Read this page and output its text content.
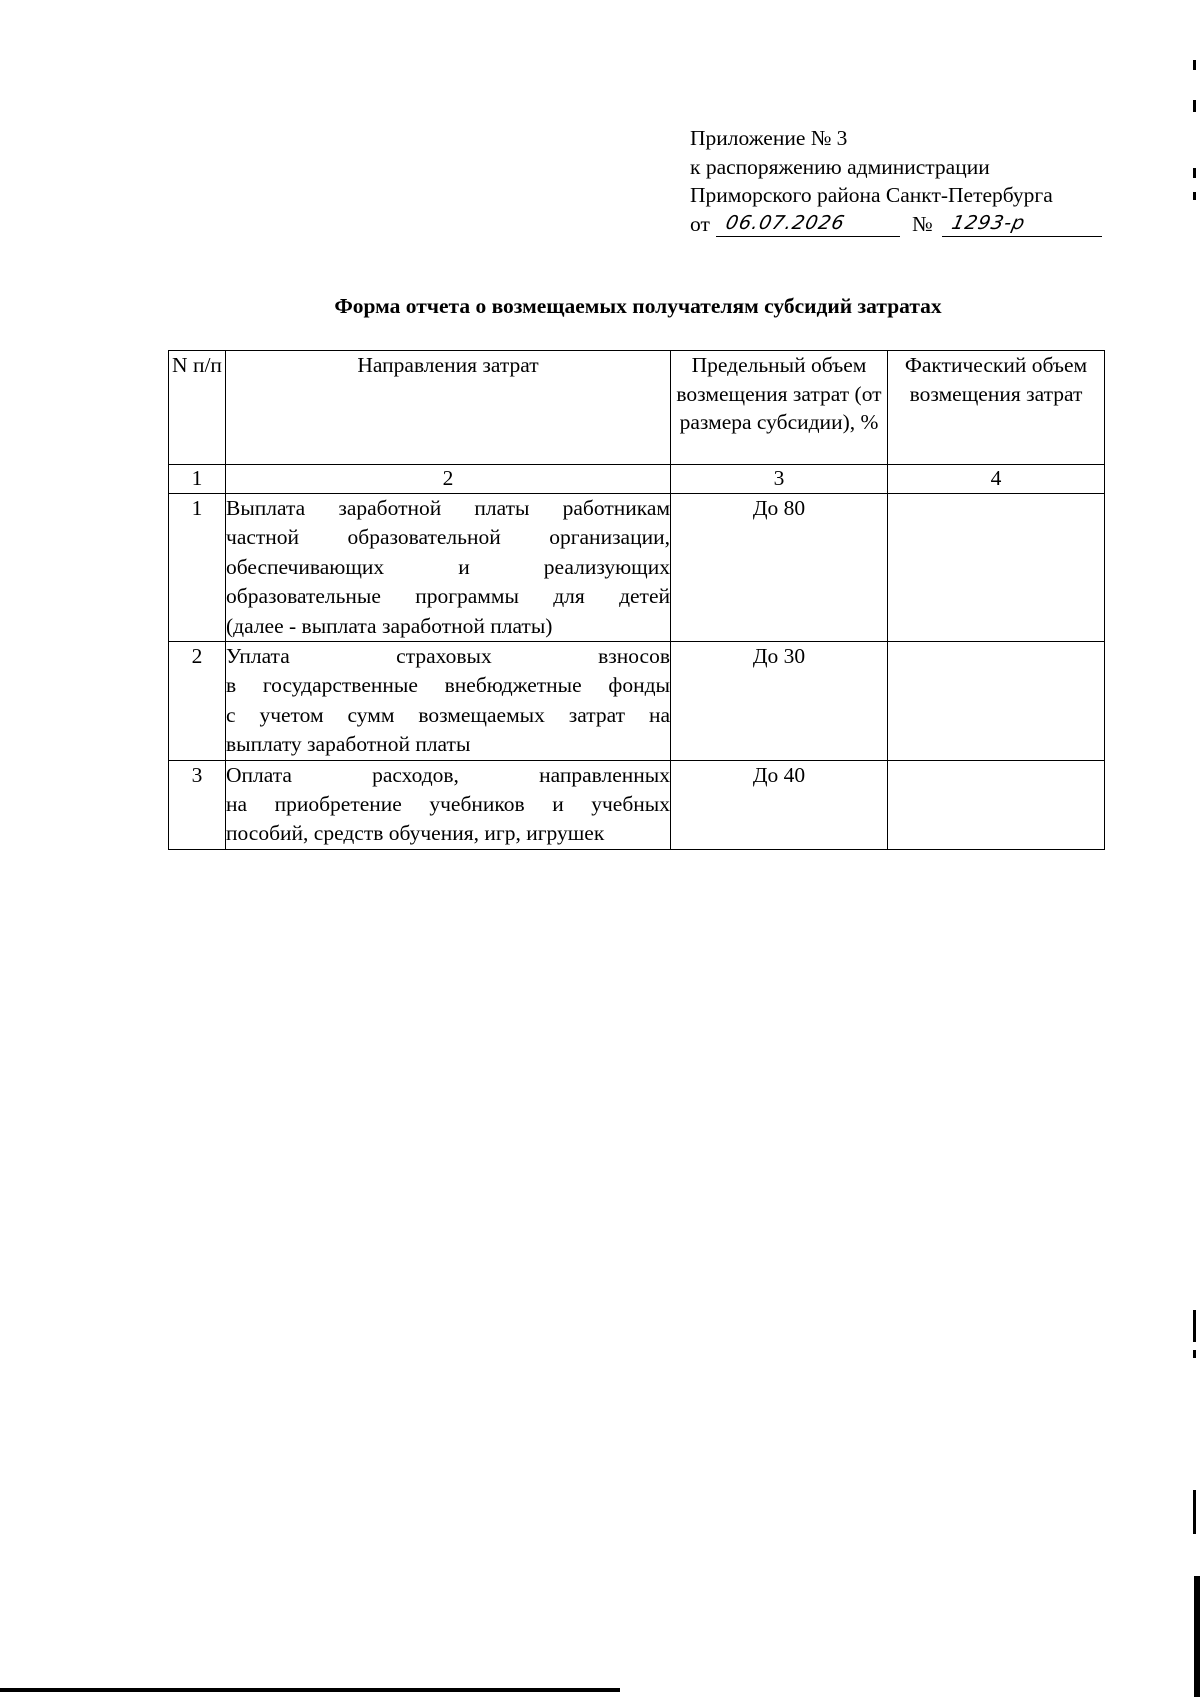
Приложение № 3
к распоряжению администрации
Приморского района Санкт-Петербурга
от 06.07.2026	№ 1293-р
Форма отчета о возмещаемых получателям субсидий затратах
N п/п	Направления затрат	Предельный объем возмещения затрат (от размера субсидии), %	Фактический объем возмещения затрат
1	2	3	4
1	Выплата заработной платы работникам
частной образовательной организации,
обеспечивающих и реализующих
образовательные программы для детей
(далее - выплата заработной платы)	До 80	
2	Уплата страховых взносов
в государственные внебюджетные фонды
с учетом сумм возмещаемых затрат на
выплату заработной платы	До 30	
3	Оплата расходов, направленных
на приобретение учебников и учебных
пособий, средств обучения, игр, игрушек	До 40	
